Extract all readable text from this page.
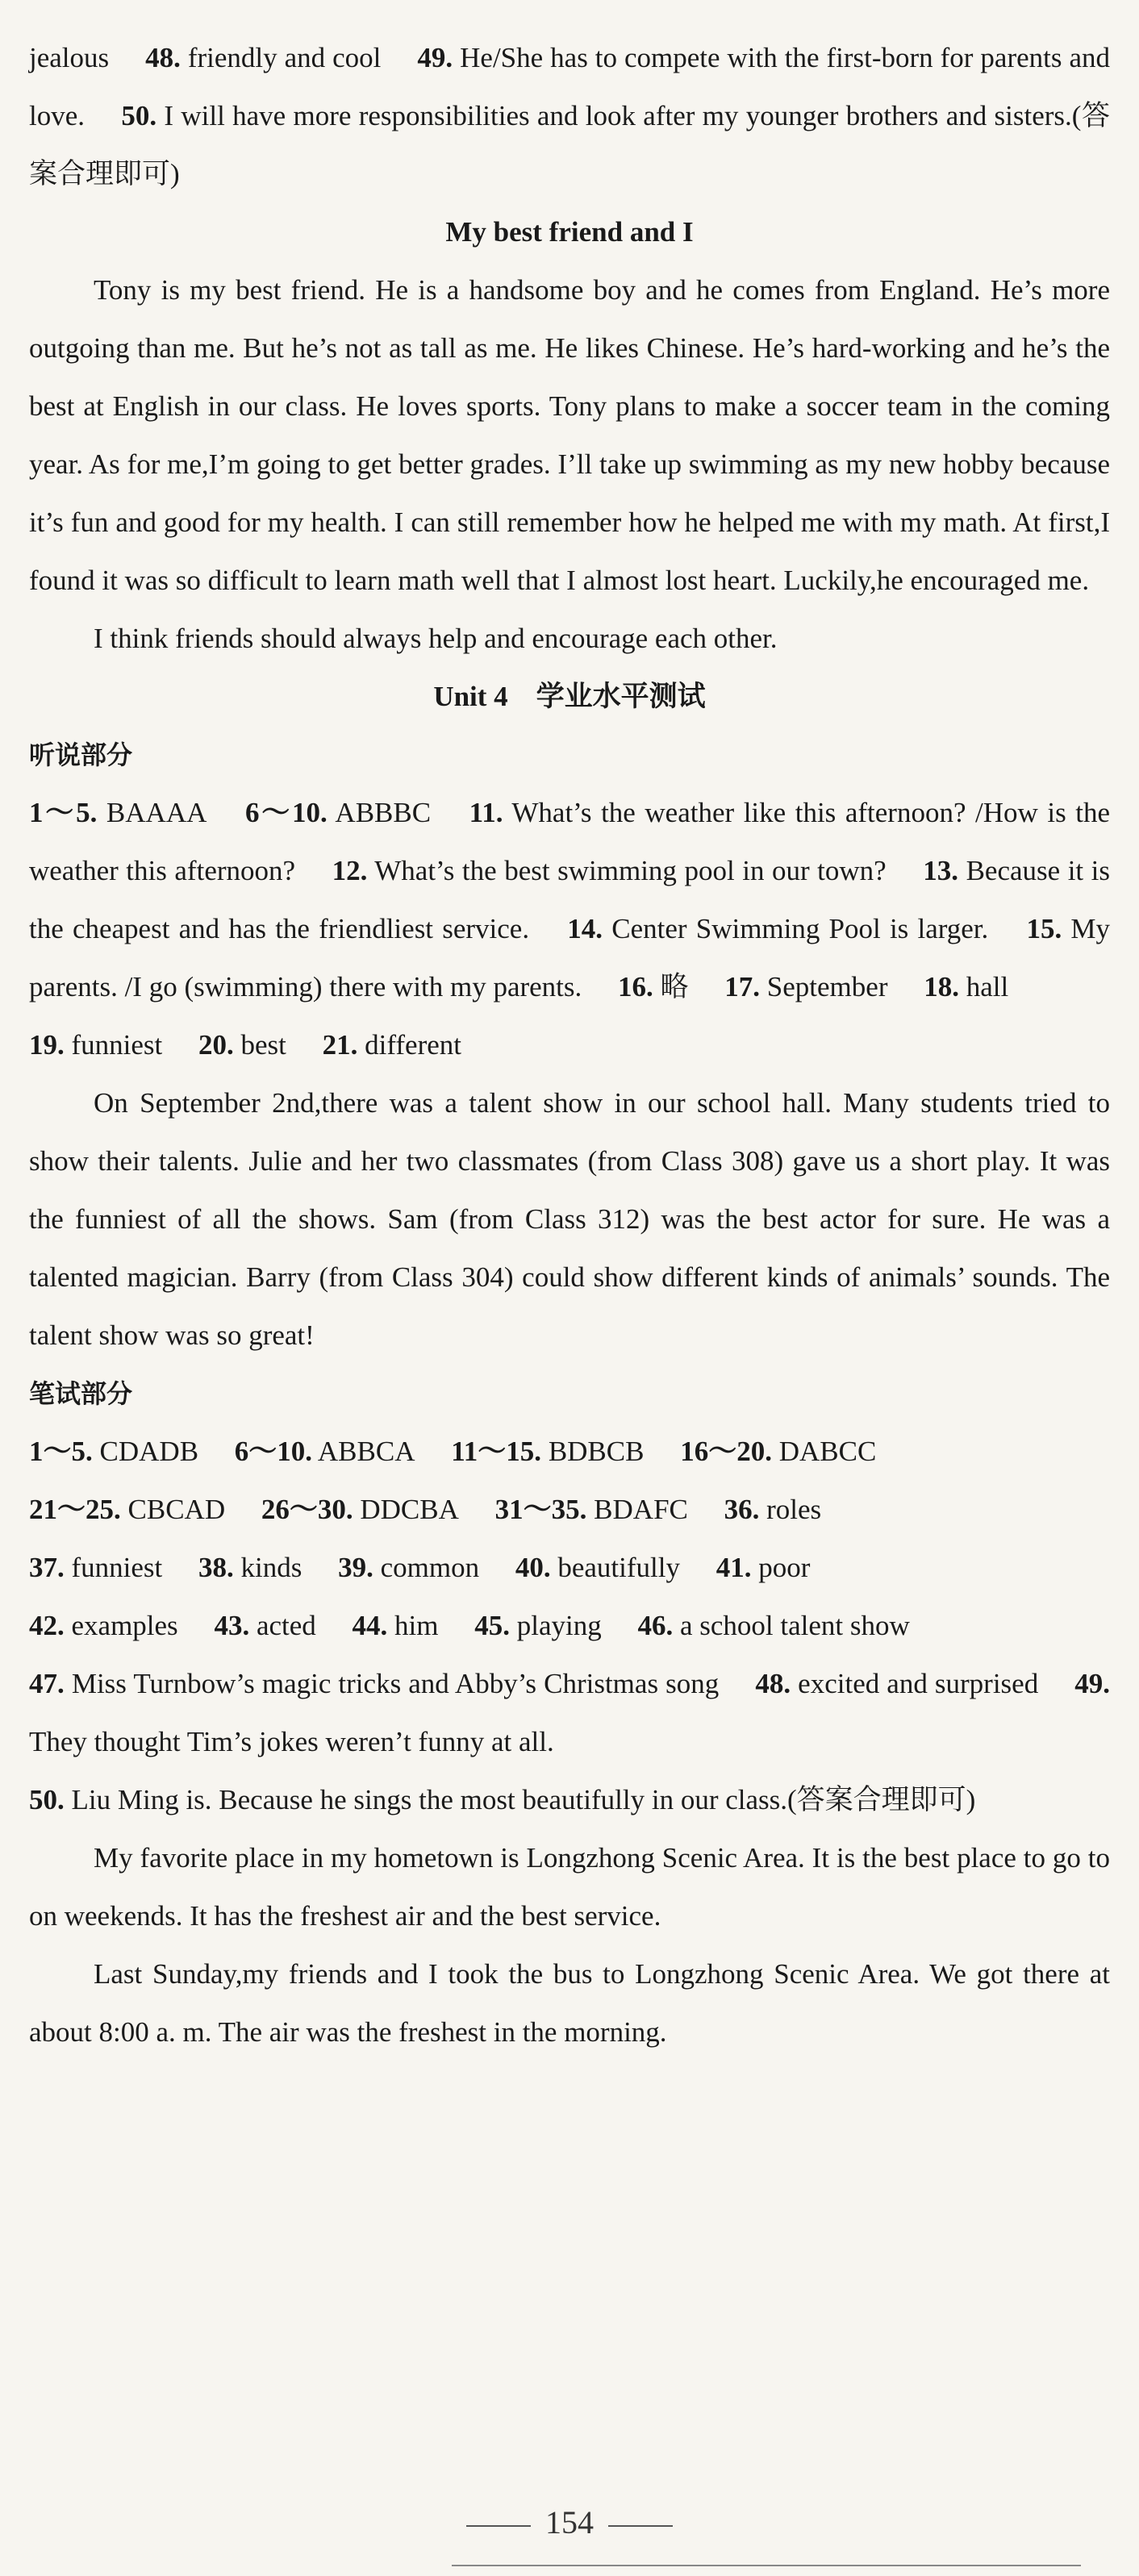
jealous 48. friendly and cool 49. He/She has to compete with the first-born for parents and love. 50. I will have more responsibilities and look after my younger brothers and sisters.(答案合理即可)

My best friend and I

Tony is my best friend. He is a handsome boy and he comes from England. He’s more outgoing than me. But he’s not as tall as me. He likes Chinese. He’s hard-working and he’s the best at English in our class. He loves sports. Tony plans to make a soccer team in the coming year. As for me,I’m going to get better grades. I’ll take up swimming as my new hobby because it’s fun and good for my health. I can still remember how he helped me with my math. At first,I found it was so difficult to learn math well that I almost lost heart. Luckily,he encouraged me.

I think friends should always help and encourage each other.

Unit 4　学业水平测试

听说部分

1～5. BAAAA 6～10. ABBBC 11. What’s the weather like this afternoon? /How is the weather this afternoon? 12. What’s the best swimming pool in our town? 13. Because it is the cheapest and has the friendliest service. 14. Center Swimming Pool is larger. 15. My parents. /I go (swimming) there with my parents. 16. 略 17. September 18. hall
19. funniest 20. best 21. different

On September 2nd,there was a talent show in our school hall. Many students tried to show their talents. Julie and her two classmates (from Class 308) gave us a short play. It was the funniest of all the shows. Sam (from Class 312) was the best actor for sure. He was a talented magician. Barry (from Class 304) could show different kinds of animals’ sounds. The talent show was so great!

笔试部分

1～5. CDADB 6～10. ABBCA 11～15. BDBCB 16～20. DABCC
21～25. CBCAD 26～30. DDCBA 31～35. BDAFC 36. roles
37. funniest 38. kinds 39. common 40. beautifully 41. poor
42. examples 43. acted 44. him 45. playing 46. a school talent show
47. Miss Turnbow’s magic tricks and Abby’s Christmas song 48. excited and surprised 49. They thought Tim’s jokes weren’t funny at all.
50. Liu Ming is. Because he sings the most beautifully in our class.(答案合理即可)

My favorite place in my hometown is Longzhong Scenic Area. It is the best place to go to on weekends. It has the freshest air and the best service.

Last Sunday,my friends and I took the bus to Longzhong Scenic Area. We got there at about 8:00 a. m. The air was the freshest in the morning.

154
